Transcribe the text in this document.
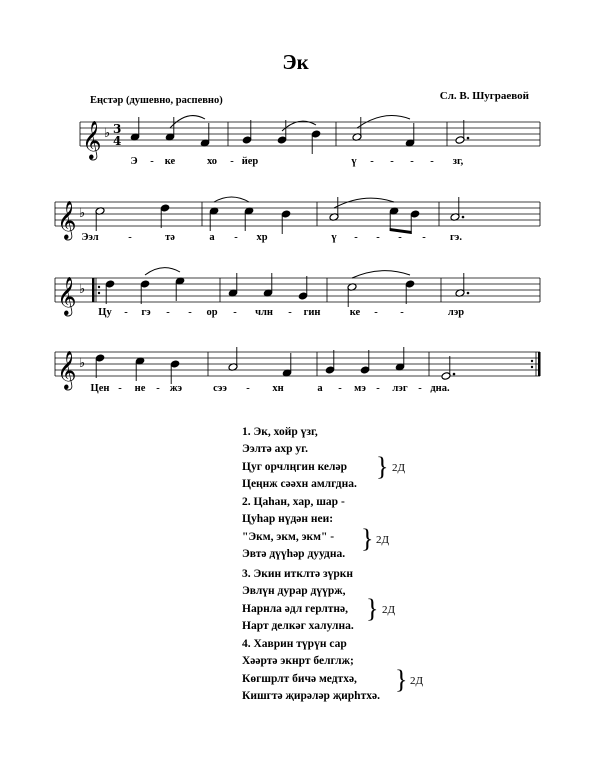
Эк
Еңстәр (душевно, распевно)	Сл. В. Шуграевой
𝄞 ♭ 3
4
Э - ке	хо - йер	ү - - - - зг,
𝄞 ♭
Ээл	-	тә	а - хр	ү - - - - гэ.
𝄞 ♭
Цу - гэ - - ор - члн - гин	ке - -	лэр
𝄞 ♭
Цен - не - жэ	сээ - хн	а - мэ - лэг - дна.
1. Эк, хойр үзг,
Ээлтә ахр уг.
Цуг орчлңгин келәр
Цеңнж сәәхн амлгдна.
} 2Д
2. Цаһан, хар, шар -
Цуһар нүдән неи:
"Экм, экм, экм" -
Эвтә дүүһәр дуудна.
} 2Д
3. Экин итклтә зүркн
Эвлүн дурар дүүрж,
Нарнла әдл герлтнә,
Нарт делкәг халулна.
} 2Д
4. Хаврин түрүн сар
Хәәртә экнрт белглж;
Көгшрлт бичә медтхә,
Кишгтә җирәләр җирһтхә.
} 2Д
